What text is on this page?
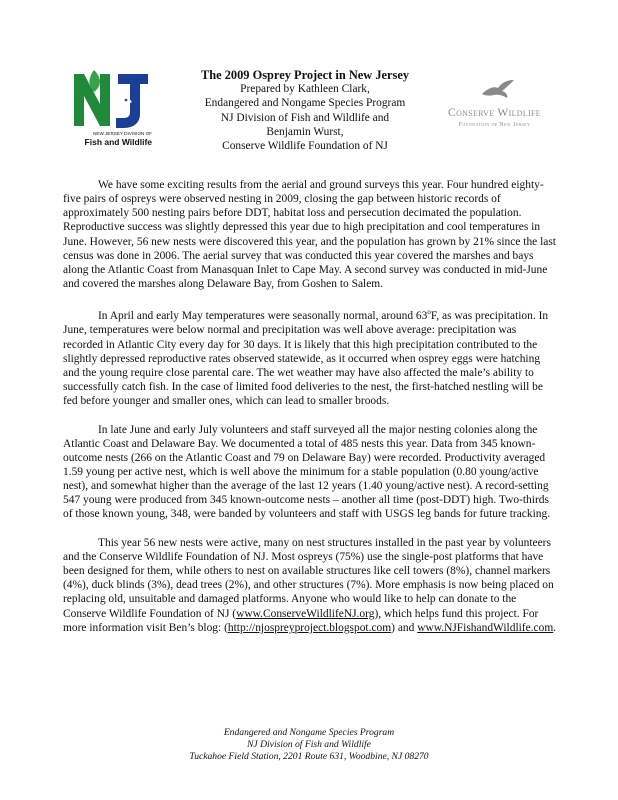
NEW JERSEY DIVISION OF
Fish and Wildlife
The 2009 Osprey Project in New Jersey
Prepared by Kathleen Clark,
Endangered and Nongame Species Program
NJ Division of Fish and Wildlife and
Benjamin Wurst,
Conserve Wildlife Foundation of NJ
Conserve Wildlife
Foundation of New Jersey

We have some exciting results from the aerial and ground surveys this year. Four hundred eighty-five pairs of ospreys were observed nesting in 2009, closing the gap between historic records of approximately 500 nesting pairs before DDT, habitat loss and persecution decimated the population. Reproductive success was slightly depressed this year due to high precipitation and cool temperatures in June. However, 56 new nests were discovered this year, and the population has grown by 21% since the last census was done in 2006. The aerial survey that was conducted this year covered the marshes and bays along the Atlantic Coast from Manasquan Inlet to Cape May. A second survey was conducted in mid-June and covered the marshes along Delaware Bay, from Goshen to Salem.

In April and early May temperatures were seasonally normal, around 63$^o$F, as was precipitation. In June, temperatures were below normal and precipitation was well above average: precipitation was recorded in Atlantic City every day for 30 days. It is likely that this high precipitation contributed to the slightly depressed reproductive rates observed statewide, as it occurred when osprey eggs were hatching and the young require close parental care. The wet weather may have also affected the male’s ability to successfully catch fish. In the case of limited food deliveries to the nest, the first-hatched nestling will be fed before younger and smaller ones, which can lead to smaller broods.

In late June and early July volunteers and staff surveyed all the major nesting colonies along the Atlantic Coast and Delaware Bay. We documented a total of 485 nests this year. Data from 345 known-outcome nests (266 on the Atlantic Coast and 79 on Delaware Bay) were recorded. Productivity averaged 1.59 young per active nest, which is well above the minimum for a stable population (0.80 young/active nest), and somewhat higher than the average of the last 12 years (1.40 young/active nest). A record-setting 547 young were produced from 345 known-outcome nests – another all time (post-DDT) high. Two-thirds of those known young, 348, were banded by volunteers and staff with USGS leg bands for future tracking.

This year 56 new nests were active, many on nest structures installed in the past year by volunteers and the Conserve Wildlife Foundation of NJ. Most ospreys (75%) use the single-post platforms that have been designed for them, while others to nest on available structures like cell towers (8%), channel markers (4%), duck blinds (3%), dead trees (2%), and other structures (7%). More emphasis is now being placed on replacing old, unsuitable and damaged platforms. Anyone who would like to help can donate to the Conserve Wildlife Foundation of NJ (www.ConserveWildlifeNJ.org), which helps fund this project. For more information visit Ben’s blog: (http://njospreyproject.blogspot.com) and www.NJFishandWildlife.com.

Endangered and Nongame Species Program
NJ Division of Fish and Wildlife
Tuckahoe Field Station, 2201 Route 631, Woodbine, NJ 08270
